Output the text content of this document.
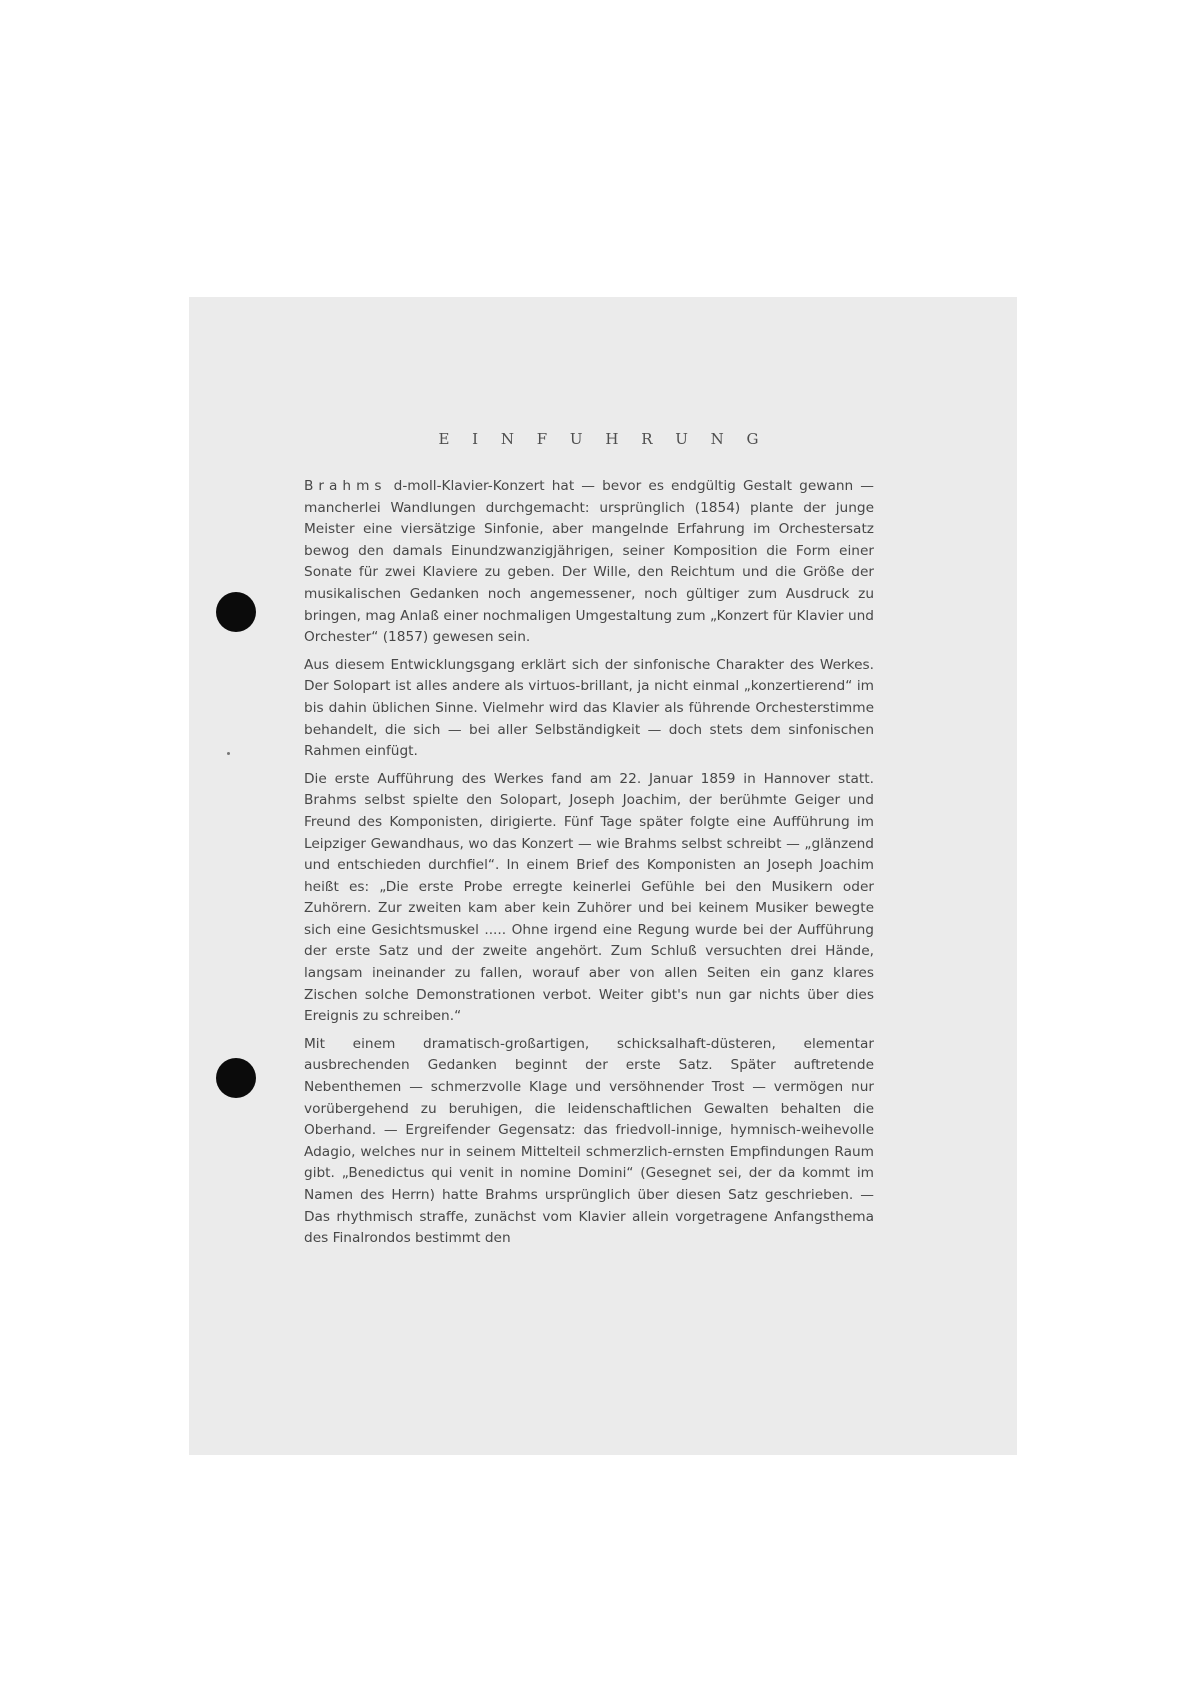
E I N F U H R U N G

Brahms d-moll-Klavier-Konzert hat — bevor es endgültig Gestalt gewann — mancherlei Wandlungen durchgemacht: ursprünglich (1854) plante der junge Meister eine viersätzige Sinfonie, aber mangelnde Erfahrung im Orchestersatz bewog den damals Einundzwanzigjährigen, seiner Komposition die Form einer Sonate für zwei Klaviere zu geben. Der Wille, den Reichtum und die Größe der musikalischen Gedanken noch angemessener, noch gültiger zum Ausdruck zu bringen, mag Anlaß einer nochmaligen Umgestaltung zum „Konzert für Klavier und Orchester“ (1857) gewesen sein.

Aus diesem Entwicklungsgang erklärt sich der sinfonische Charakter des Werkes. Der Solopart ist alles andere als virtuos-brillant, ja nicht einmal „konzertierend“ im bis dahin üblichen Sinne. Vielmehr wird das Klavier als führende Orchesterstimme behandelt, die sich — bei aller Selbständigkeit — doch stets dem sinfonischen Rahmen einfügt.

Die erste Aufführung des Werkes fand am 22. Januar 1859 in Hannover statt. Brahms selbst spielte den Solopart, Joseph Joachim, der berühmte Geiger und Freund des Komponisten, dirigierte. Fünf Tage später folgte eine Aufführung im Leipziger Gewandhaus, wo das Konzert — wie Brahms selbst schreibt — „glänzend und entschieden durchfiel“. In einem Brief des Komponisten an Joseph Joachim heißt es: „Die erste Probe erregte keinerlei Gefühle bei den Musikern oder Zuhörern. Zur zweiten kam aber kein Zuhörer und bei keinem Musiker bewegte sich eine Gesichtsmuskel ..... Ohne irgend eine Regung wurde bei der Aufführung der erste Satz und der zweite angehört. Zum Schluß versuchten drei Hände, langsam ineinander zu fallen, worauf aber von allen Seiten ein ganz klares Zischen solche Demonstrationen verbot. Weiter gibt's nun gar nichts über dies Ereignis zu schreiben.“

Mit einem dramatisch-großartigen, schicksalhaft-düsteren, elementar ausbrechenden Gedanken beginnt der erste Satz. Später auftretende Nebenthemen — schmerzvolle Klage und versöhnender Trost — vermögen nur vorübergehend zu beruhigen, die leidenschaftlichen Gewalten behalten die Oberhand. — Ergreifender Gegensatz: das friedvoll-innige, hymnisch-weihevolle Adagio, welches nur in seinem Mittelteil schmerzlich-ernsten Empfindungen Raum gibt. „Benedictus qui venit in nomine Domini“ (Gesegnet sei, der da kommt im Namen des Herrn) hatte Brahms ursprünglich über diesen Satz geschrieben. — Das rhythmisch straffe, zunächst vom Klavier allein vorgetragene Anfangsthema des Finalrondos bestimmt den
